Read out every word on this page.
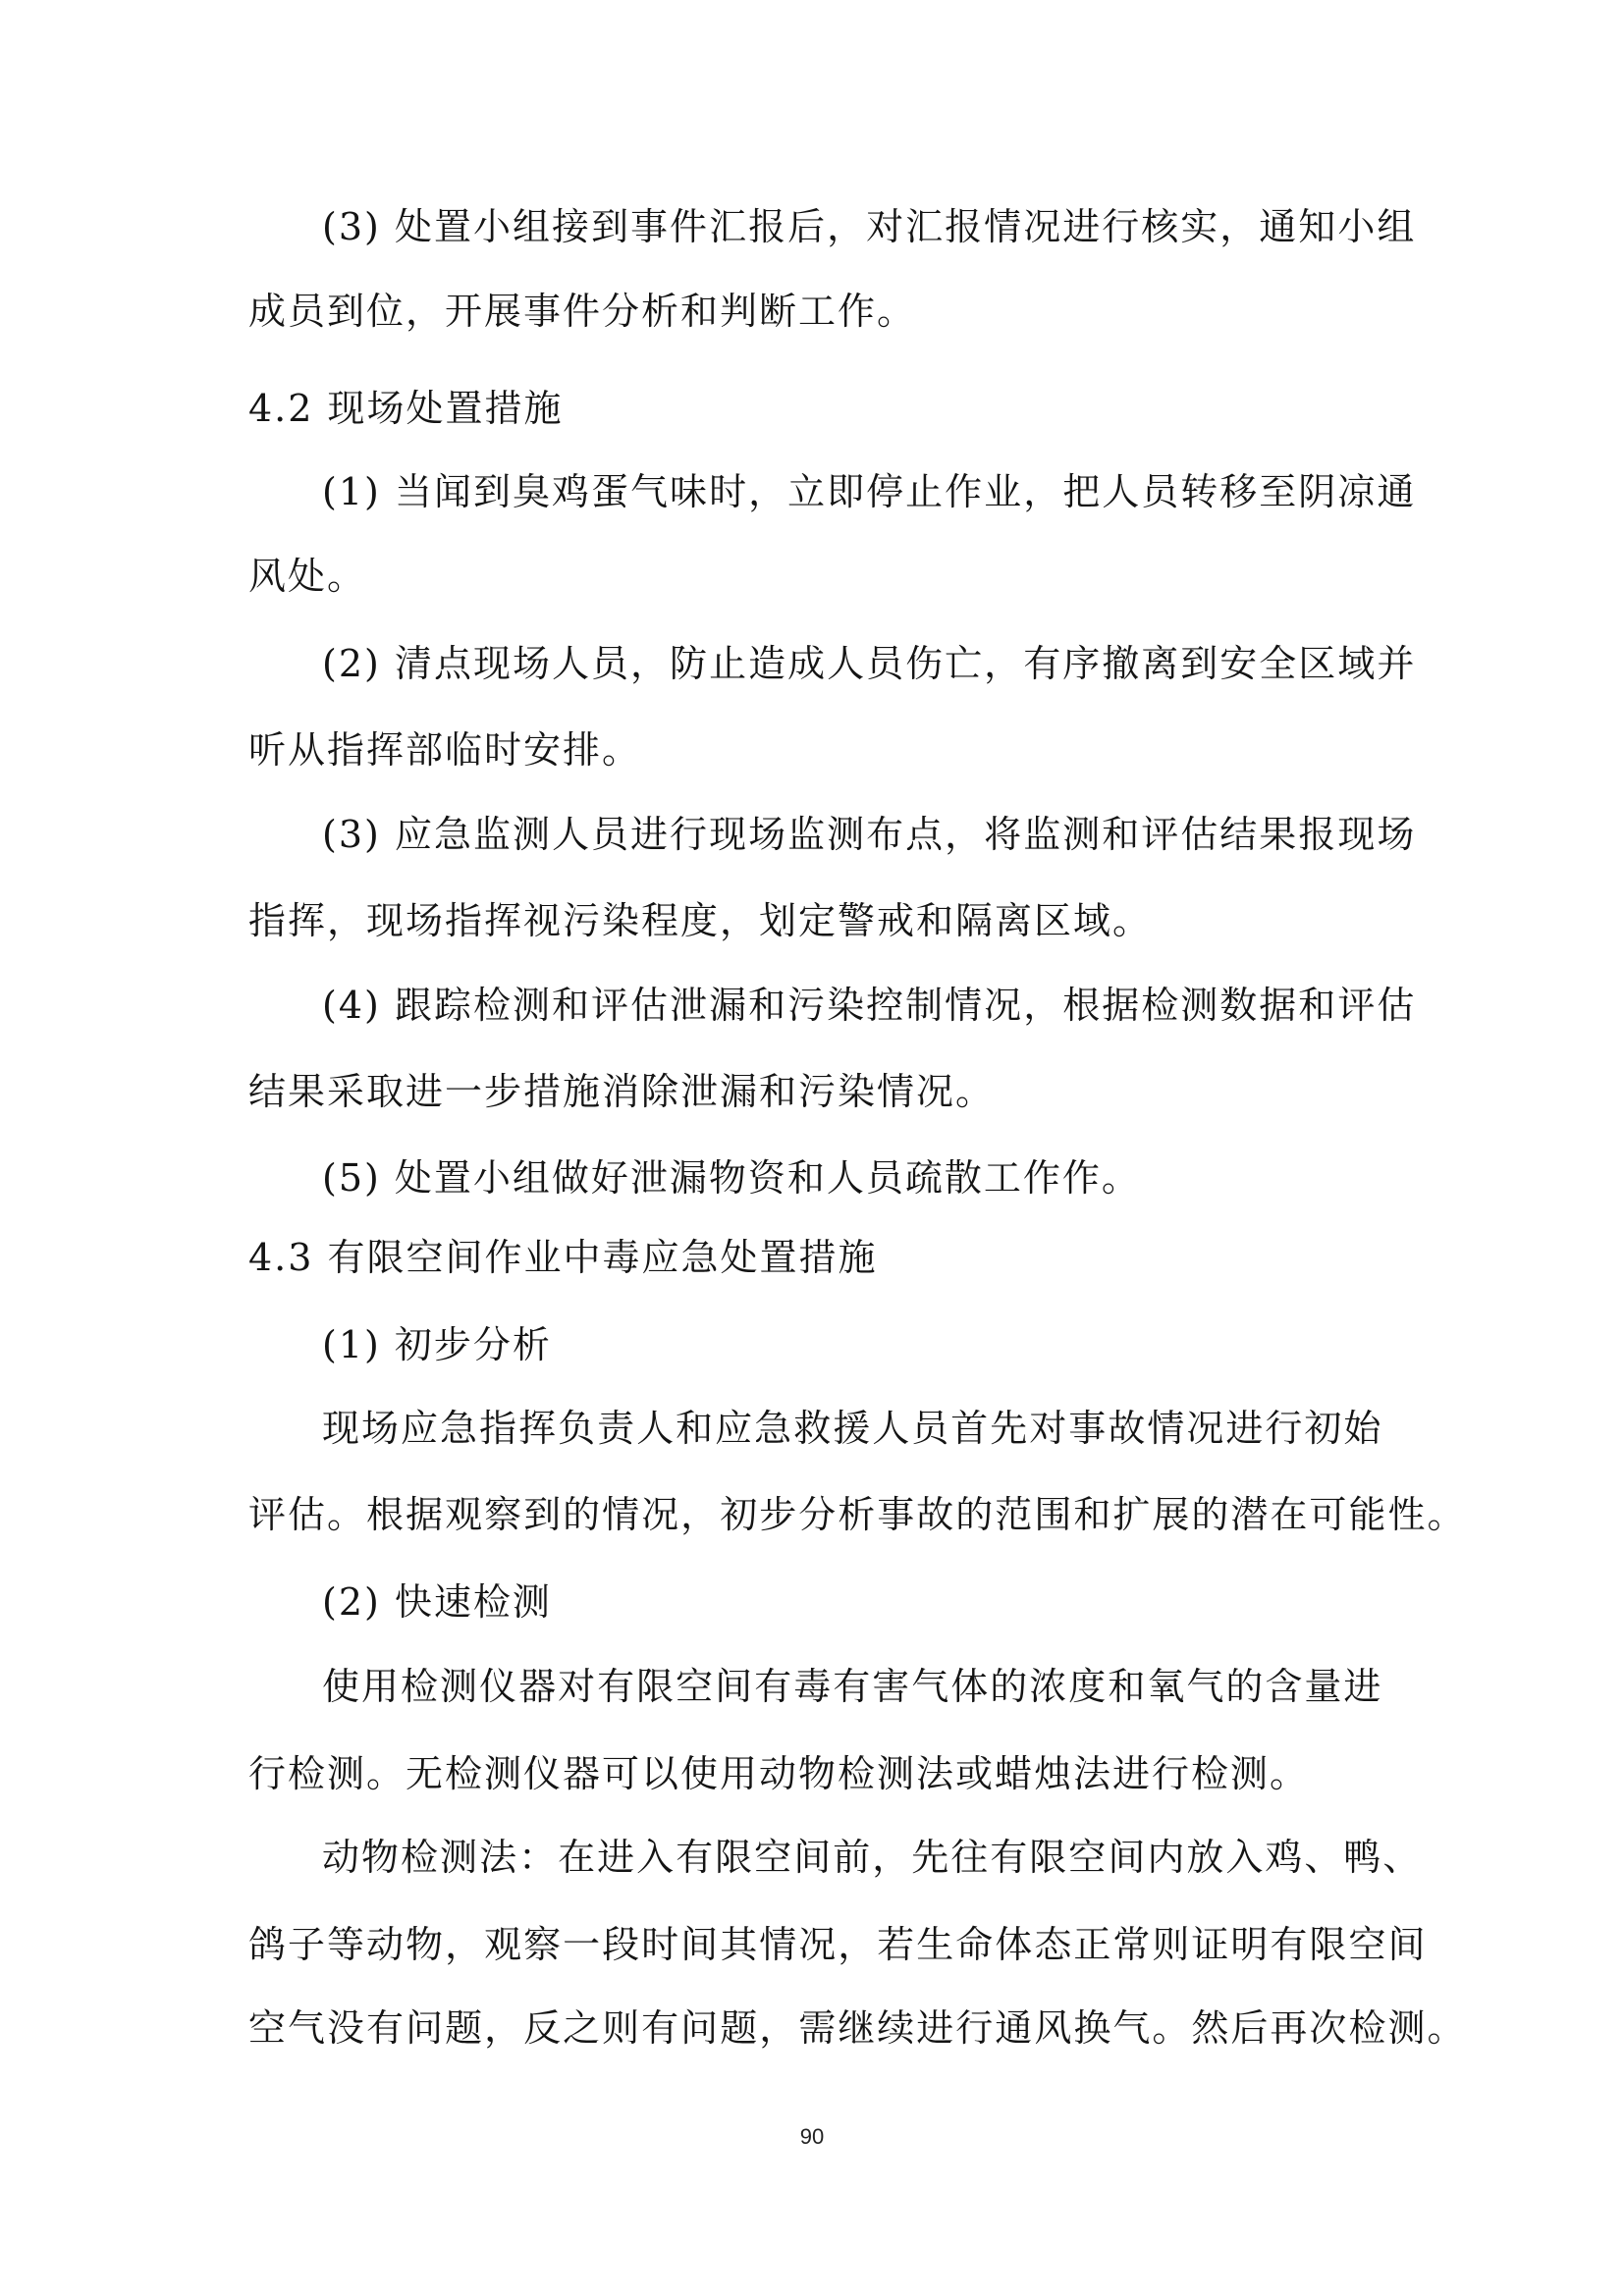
( 3 )
处 置 小 组 接 到 事 件 汇 报 后 ， 对 汇 报 情 况 进 行 核 实 ， 通 知 小 组
成员到位，开展事件分析和判断工作。
4.2 现场处置措施
( 1 )
当 闻 到 臭 鸡 蛋 气 味 时 ， 立 即 停 止 作 业 ， 把 人 员 转 移 至 阴 凉 通
风处。
( 2 )
清 点 现 场 人 员 ， 防 止 造 成 人 员 伤 亡 ， 有 序 撤 离 到 安 全 区 域 并
听从指挥部临时安排。
( 3 )
应 急 监 测 人 员 进 行 现 场 监 测 布 点 ， 将 监 测 和 评 估 结 果 报 现 场
指挥，现场指挥视污染程度，划定警戒和隔离区域。
( 4 )
跟 踪 检 测 和 评 估 泄 漏 和 污 染 控 制 情 况 ， 根 据 检 测 数 据 和 评 估
结果采取进一步措施消除泄漏和污染情况。
(5) 处置小组做好泄漏物资和人员疏散工作作。
4.3 有限空间作业中毒应急处置措施
(1) 初步分析
现 场 应 急 指 挥 负 责 人 和 应 急 救 援 人 员 首 先 对 事 故 情 况 进 行 初 始
评 估 。 根 据 观 察 到 的 情 况 ， 初 步 分 析 事 故 的 范 围 和 扩 展 的 潜 在 可 能 性 。
(2) 快速检测
使 用 检 测 仪 器 对 有 限 空 间 有 毒 有 害 气 体 的 浓 度 和 氧 气 的 含 量 进
行检测。无检测仪器可以使用动物检测法或蜡烛法进行检测。
动 物 检 测 法 ： 在 进 入 有 限 空 间 前 ， 先 往 有 限 空 间 内 放 入 鸡 、 鸭 、
鸽 子 等 动 物 ， 观 察 一 段 时 间 其 情 况 ， 若 生 命 体 态 正 常 则 证 明 有 限 空 间
空 气 没 有 问 题 ， 反 之 则 有 问 题 ， 需 继 续 进 行 通 风 换 气 。 然 后 再 次 检 测 。
90
